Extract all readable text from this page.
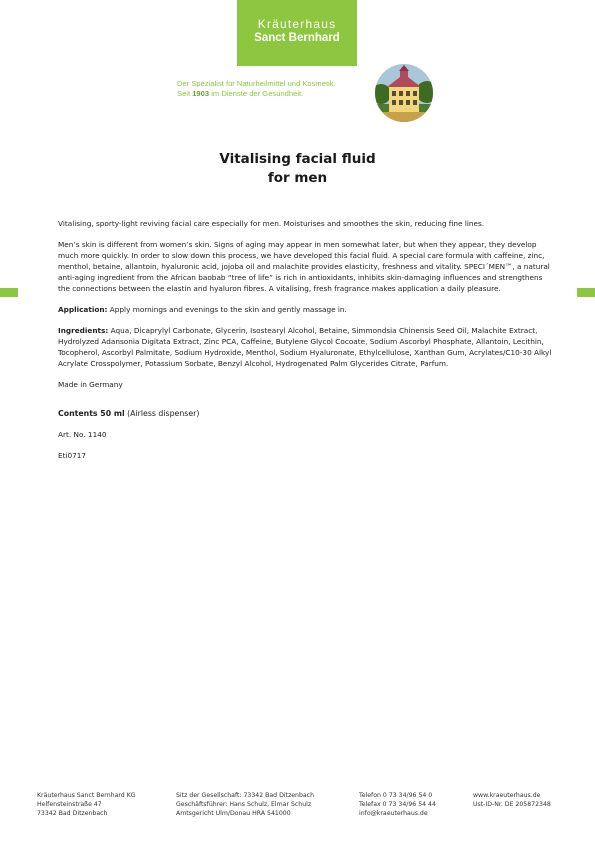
Kräuterhaus
Sanct Bernhard
Der Spezialist für Naturheilmittel und Kosmetik.
Seit 1903 im Dienste der Gesundheit.
Vitalising facial fluid
for men

Vitalising, sporty-light reviving facial care especially for men. Moisturises and smoothes the skin, reducing fine lines.

Men’s skin is different from women’s skin. Signs of aging may appear in men somewhat later, but when they appear, they develop much more quickly. In order to slow down this process, we have developed this facial fluid. A special care formula with caffeine, zinc, menthol, betaine, allantoin, hyaluronic acid, jojoba oil and malachite provides elasticity, freshness and vitality. SPECI´MEN™, a natural anti-aging ingredient from the African baobab “tree of life” is rich in antioxidants, inhibits skin-damaging influences and strengthens the connections between the elastin and hyaluron fibres. A vitalising, fresh fragrance makes application a daily pleasure.

Application: Apply mornings and evenings to the skin and gently massage in.

Ingredients: Aqua, Dicaprylyl Carbonate, Glycerin, Isostearyl Alcohol, Betaine, Simmondsia Chinensis Seed Oil, Malachite Extract, Hydrolyzed Adansonia Digitata Extract, Zinc PCA, Caffeine, Butylene Glycol Cocoate, Sodium Ascorbyl Phosphate, Allantoin, Lecithin, Tocopherol, Ascorbyl Palmitate, Sodium Hydroxide, Menthol, Sodium Hyaluronate, Ethylcellulose, Xanthan Gum, Acrylates/C10-30 Alkyl Acrylate Crosspolymer, Potassium Sorbate, Benzyl Alcohol, Hydrogenated Palm Glycerides Citrate, Parfum.

Made in Germany

Contents 50 ml (Airless dispenser)

Art. No. 1140

Eti0717

Kräuterhaus Sanct Bernhard KG
Helfensteinstraße 47
73342 Bad Ditzenbach
Sitz der Gesellschaft: 73342 Bad Ditzenbach
Geschäftsführer: Hans Schulz, Elmar Schulz
Amtsgericht Ulm/Donau HRA 541000
Telefon 0 73 34/96 54 0
Telefax 0 73 34/96 54 44
info@kraeuterhaus.de
www.kraeuterhaus.de
Ust-ID-Nr. DE 205872348
